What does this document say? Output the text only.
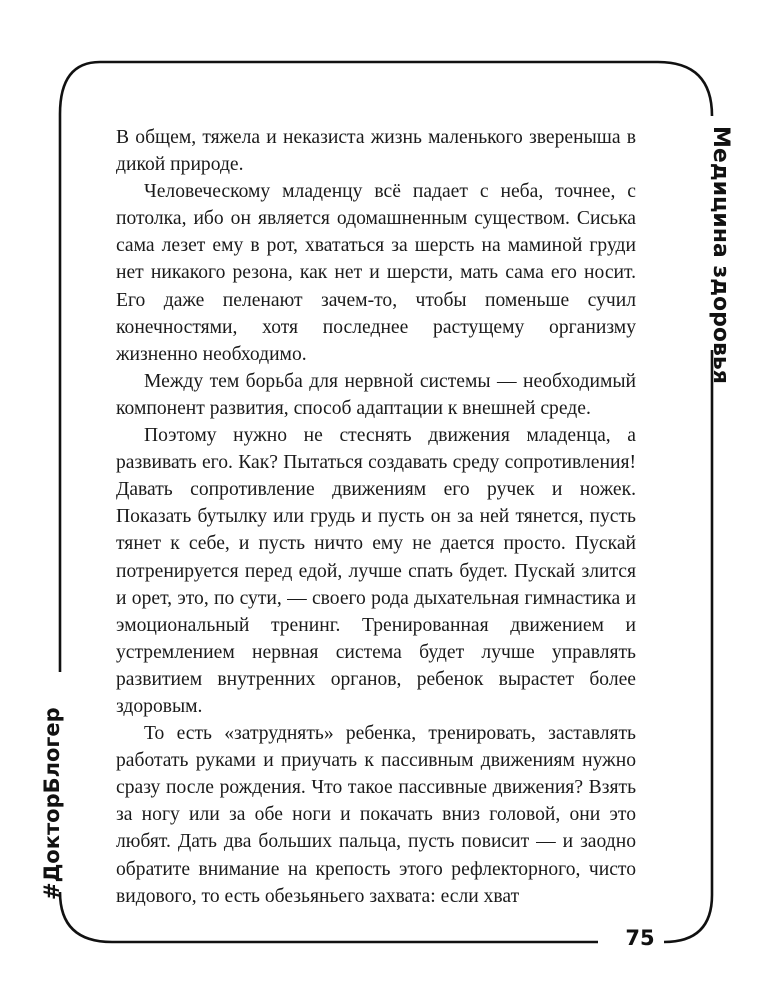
Медицина здоровья
#ДокторБлогер

В общем, тяжела и неказиста жизнь маленького звереныша в дикой природе.

Человеческому младенцу всё падает с неба, точнее, с потолка, ибо он является одомашненным существом. Сиська сама лезет ему в рот, хвататься за шерсть на маминой груди нет никакого резона, как нет и шерсти, мать сама его носит. Его даже пеленают зачем-то, чтобы поменьше сучил конечностями, хотя последнее растущему организму жизненно необходимо.

Между тем борьба для нервной системы — необходимый компонент развития, способ адаптации к внешней среде.

Поэтому нужно не стеснять движения младенца, а развивать его. Как? Пытаться создавать среду сопротивления! Давать сопротивление движениям его ручек и ножек. Показать бутылку или грудь и пусть он за ней тянется, пусть тянет к себе, и пусть ничто ему не дается просто. Пускай потренируется перед едой, лучше спать будет. Пускай злится и орет, это, по сути, — своего рода дыхательная гимнастика и эмоциональный тренинг. Тренированная движением и устремлением нервная система будет лучше управлять развитием внутренних органов, ребенок вырастет более здоровым.

То есть «затруднять» ребенка, тренировать, заставлять работать руками и приучать к пассивным движениям нужно сразу после рождения. Что такое пассивные движения? Взять за ногу или за обе ноги и покачать вниз головой, они это любят. Дать два больших пальца, пусть повисит — и заодно обратите внимание на крепость этого рефлекторного, чисто видового, то есть обезьяньего захвата: если хват

75
